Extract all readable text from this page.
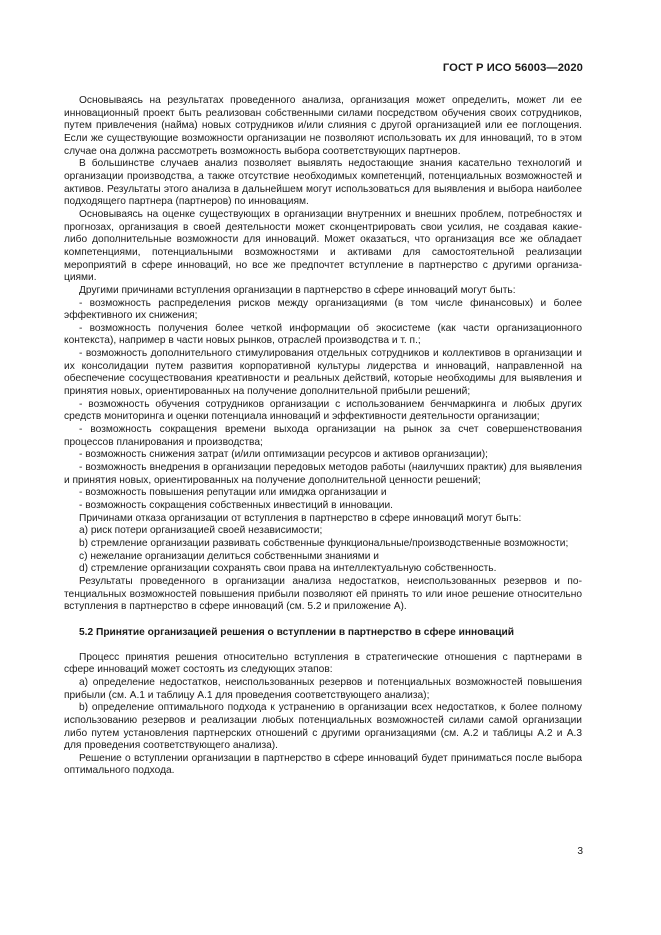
ГОСТ Р ИСО 56003—2020

Основываясь на результатах проведенного анализа, организация может определить, может ли ее инновационный проект быть реализован собственными силами посредством обучения своих сотрудников, путем привлечения (найма) новых сотрудников и/или слияния с другой организацией или ее поглощения. Если же существующие возможности организации не позволяют использовать их для инноваций, то в этом случае она должна рассмотреть возможность выбора соответствующих партнеров.

В большинстве случаев анализ позволяет выявлять недостающие знания касательно технологий и организации производства, а также отсутствие необходимых компетенций, потенциальных возможностей и активов. Результаты этого анализа в дальнейшем могут использоваться для выявления и выбора наиболее подходящего партнера (партнеров) по инновациям.

Основываясь на оценке существующих в организации внутренних и внешних проблем, потребностях и прогнозах, организация в своей деятельности может сконцентрировать свои усилия, не создавая какие-либо дополнительные возможности для инноваций. Может оказаться, что организация все же обладает компетенциями, потенциальными возможностями и активами для самостоятельной реализации мероприятий в сфере инноваций, но все же предпочтет вступление в партнерство с другими организациями.

Другими причинами вступления организации в партнерство в сфере инноваций могут быть:

- возможность распределения рисков между организациями (в том числе финансовых) и более эффективного их снижения;

- возможность получения более четкой информации об экосистеме (как части организационного контекста), например в части новых рынков, отраслей производства и т. п.;

- возможность дополнительного стимулирования отдельных сотрудников и коллективов в организации и их консолидации путем развития корпоративной культуры лидерства и инноваций, направленной на обеспечение сосуществования креативности и реальных действий, которые необходимы для выявления и принятия новых, ориентированных на получение дополнительной прибыли решений;

- возможность обучения сотрудников организации с использованием бенчмаркинга и любых других средств мониторинга и оценки потенциала инноваций и эффективности деятельности организации;

- возможность сокращения времени выхода организации на рынок за счет совершенствования процессов планирования и производства;

- возможность снижения затрат (и/или оптимизации ресурсов и активов организации);

- возможность внедрения в организации передовых методов работы (наилучших практик) для выявления и принятия новых, ориентированных на получение дополнительной ценности решений;

- возможность повышения репутации или имиджа организации и

- возможность сокращения собственных инвестиций в инновации.

Причинами отказа организации от вступления в партнерство в сфере инноваций могут быть:

a) риск потери организацией своей независимости;

b) стремление организации развивать собственные функциональные/производственные возможности;

c) нежелание организации делиться собственными знаниями и

d) стремление организации сохранять свои права на интеллектуальную собственность.

Результаты проведенного в организации анализа недостатков, неиспользованных резервов и потенциальных возможностей повышения прибыли позволяют ей принять то или иное решение относительно вступления в партнерство в сфере инноваций (см. 5.2 и приложение А).

5.2 Принятие организацией решения о вступлении в партнерство в сфере инноваций

Процесс принятия решения относительно вступления в стратегические отношения с партнерами в сфере инноваций может состоять из следующих этапов:

a) определение недостатков, неиспользованных резервов и потенциальных возможностей повышения прибыли (см. А.1 и таблицу А.1 для проведения соответствующего анализа);

b) определение оптимального подхода к устранению в организации всех недостатков, к более полному использованию резервов и реализации любых потенциальных возможностей силами самой организации либо путем установления партнерских отношений с другими организациями (см. А.2 и таблицы А.2 и А.3 для проведения соответствующего анализа).

Решение о вступлении организации в партнерство в сфере инноваций будет приниматься после выбора оптимального подхода.

3
